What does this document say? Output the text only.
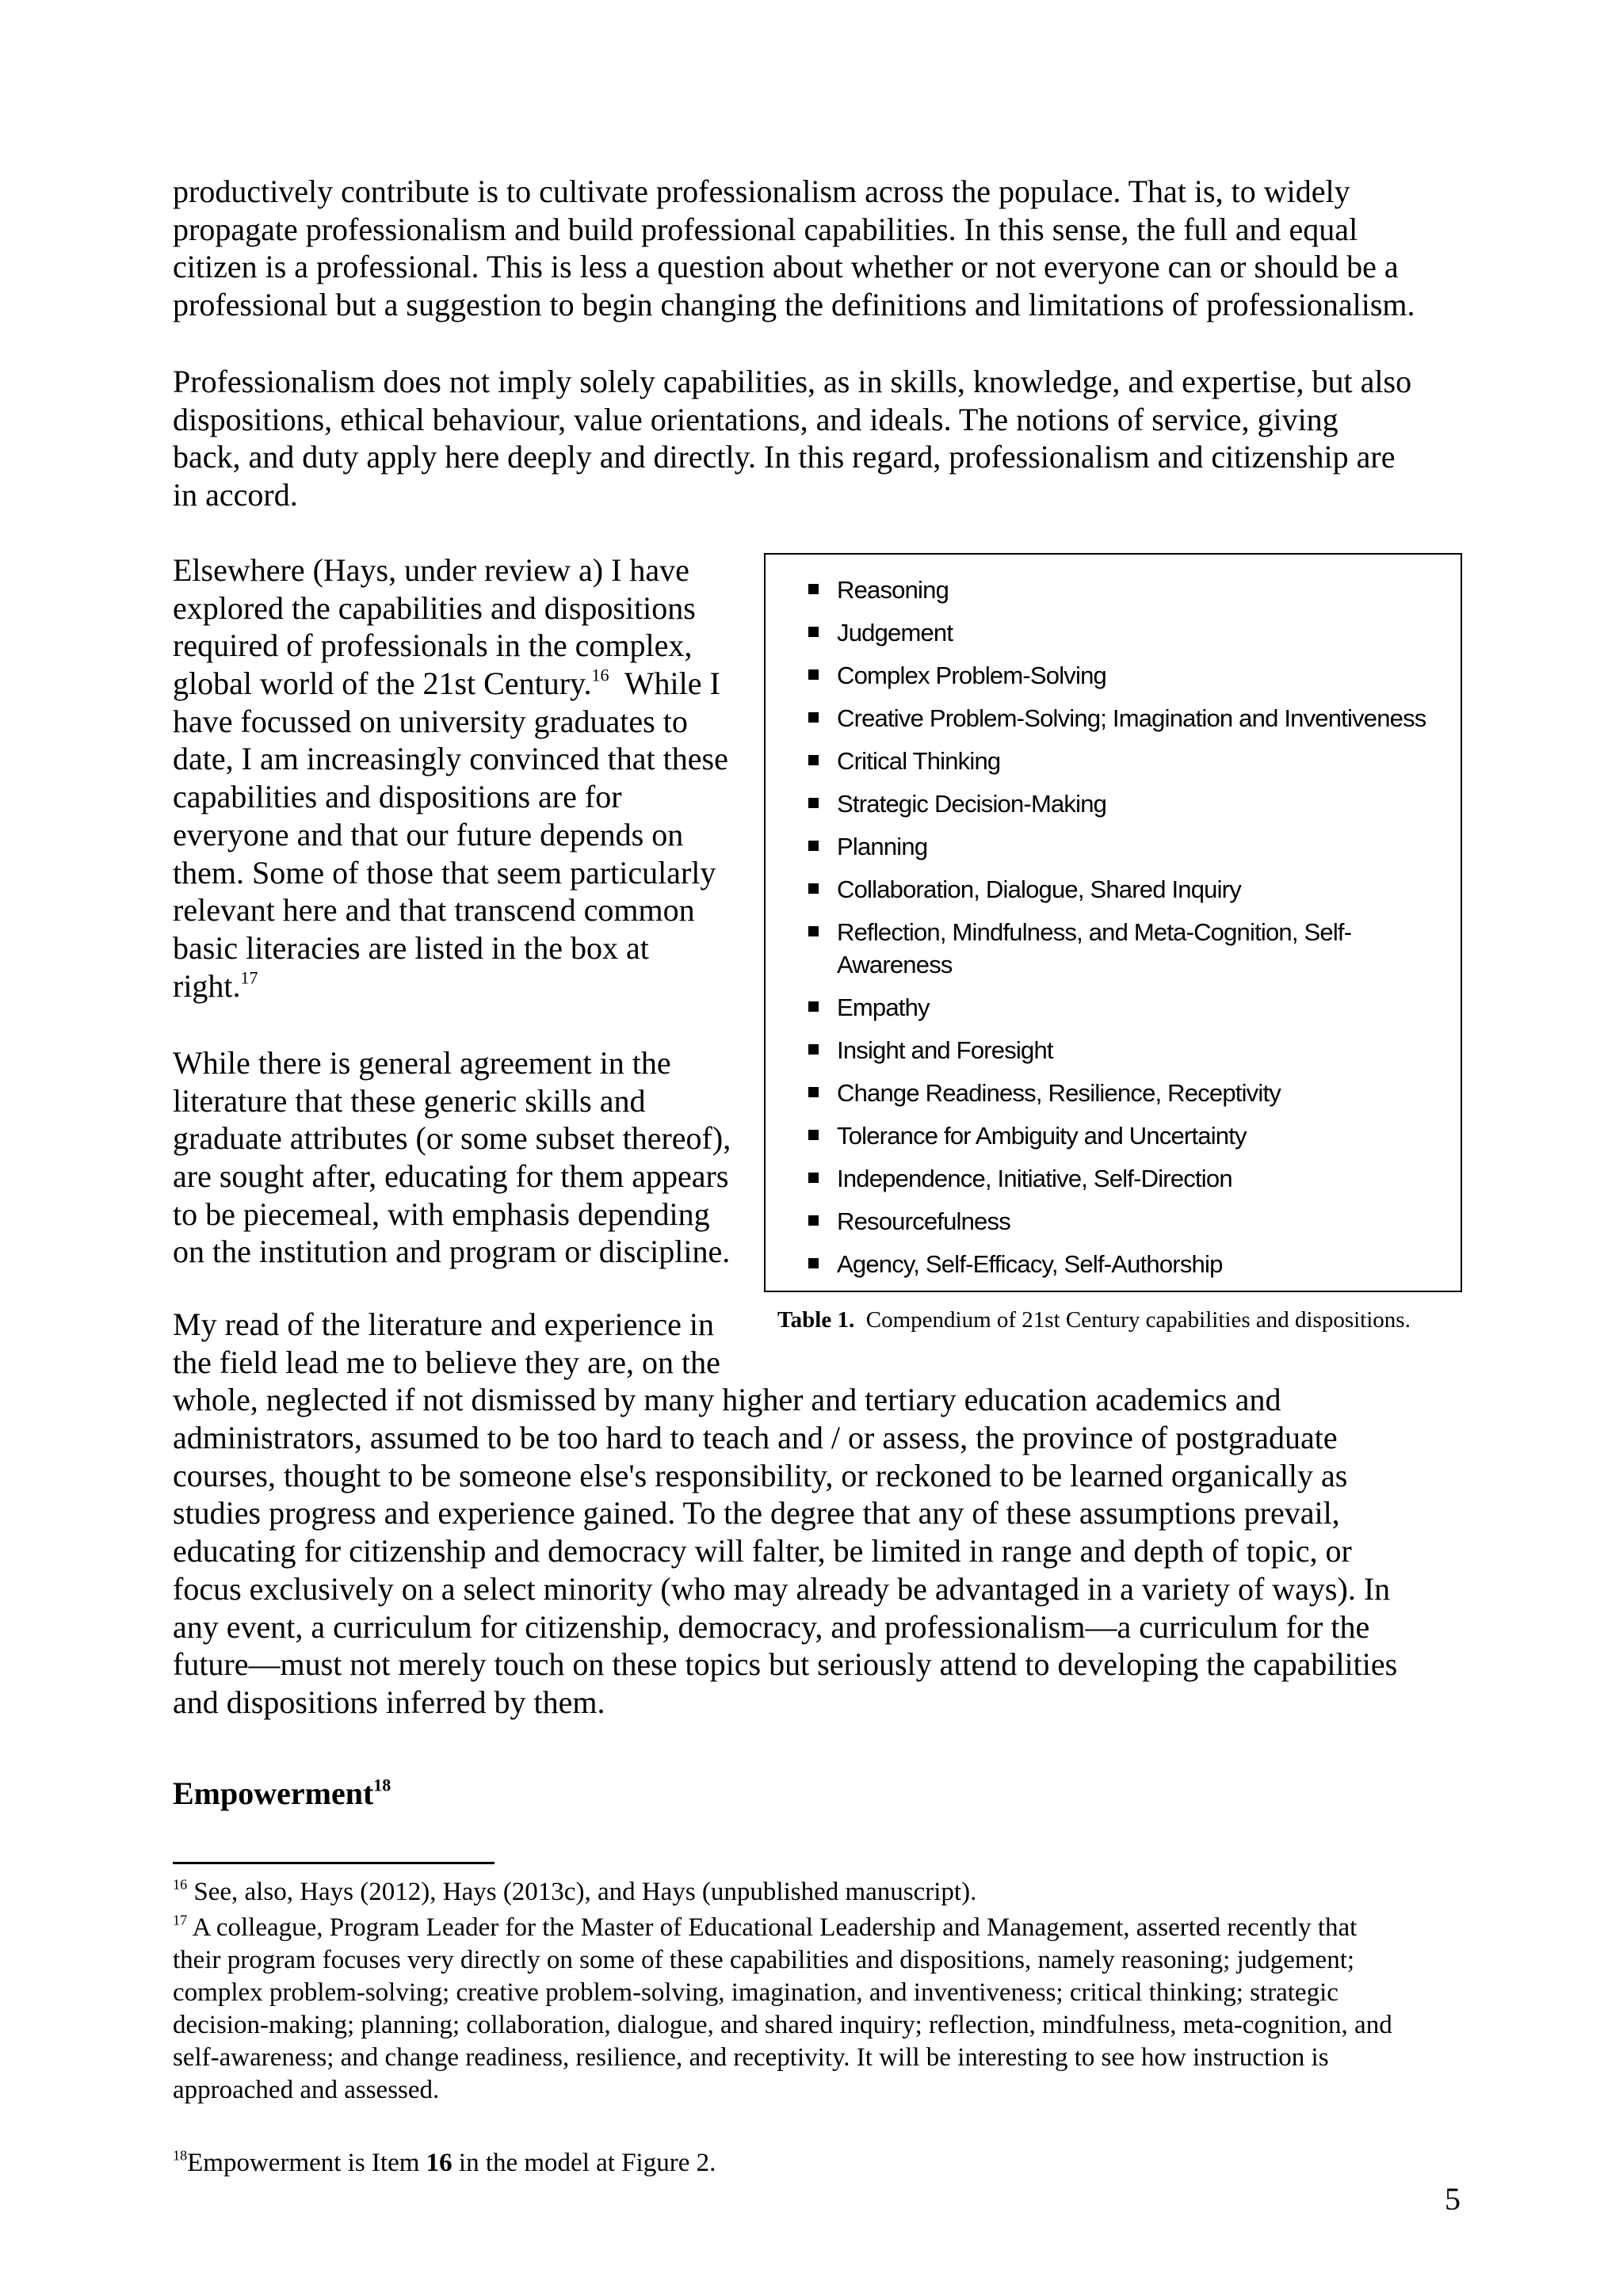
productively contribute is to cultivate professionalism across the populace. That is, to widely
propagate professionalism and build professional capabilities. In this sense, the full and equal
citizen is a professional. This is less a question about whether or not everyone can or should be a
professional but a suggestion to begin changing the definitions and limitations of professionalism.
Professionalism does not imply solely capabilities, as in skills, knowledge, and expertise, but also
dispositions, ethical behaviour, value orientations, and ideals. The notions of service, giving
back, and duty apply here deeply and directly. In this regard, professionalism and citizenship are
in accord.
Elsewhere (Hays, under review a) I have
explored the capabilities and dispositions
required of professionals in the complex,
global world of the 21st Century.$^{16}$  While I
have focussed on university graduates to
date, I am increasingly convinced that these
capabilities and dispositions are for
everyone and that our future depends on
them. Some of those that seem particularly
relevant here and that transcend common
basic literacies are listed in the box at
right.$^{17}$
While there is general agreement in the
literature that these generic skills and
graduate attributes (or some subset thereof),
are sought after, educating for them appears
to be piecemeal, with emphasis depending
on the institution and program or discipline.
My read of the literature and experience in
the field lead me to believe they are, on the
whole, neglected if not dismissed by many higher and tertiary education academics and
administrators, assumed to be too hard to teach and / or assess, the province of postgraduate
courses, thought to be someone else's responsibility, or reckoned to be learned organically as
studies progress and experience gained. To the degree that any of these assumptions prevail,
educating for citizenship and democracy will falter, be limited in range and depth of topic, or
focus exclusively on a select minority (who may already be advantaged in a variety of ways). In
any event, a curriculum for citizenship, democracy, and professionalism—a curriculum for the
future—must not merely touch on these topics but seriously attend to developing the capabilities
and dispositions inferred by them.
Reasoning
Judgement
Complex Problem-Solving
Creative Problem-Solving; Imagination and Inventiveness
Critical Thinking
Strategic Decision-Making
Planning
Collaboration, Dialogue, Shared Inquiry
Reflection, Mindfulness, and Meta-Cognition, Self-
Awareness
Empathy
Insight and Foresight
Change Readiness, Resilience, Receptivity
Tolerance for Ambiguity and Uncertainty
Independence, Initiative, Self-Direction
Resourcefulness
Agency, Self-Efficacy, Self-Authorship
Table 1.  Compendium of 21st Century capabilities and dispositions.
Empowerment$^{18}$
$^{16}$ See, also, Hays (2012), Hays (2013c), and Hays (unpublished manuscript).
$^{17}$ A colleague, Program Leader for the Master of Educational Leadership and Management, asserted recently that
their program focuses very directly on some of these capabilities and dispositions, namely reasoning; judgement;
complex problem-solving; creative problem-solving, imagination, and inventiveness; critical thinking; strategic
decision-making; planning; collaboration, dialogue, and shared inquiry; reflection, mindfulness, meta-cognition, and
self-awareness; and change readiness, resilience, and receptivity. It will be interesting to see how instruction is
approached and assessed.
$^{18}$Empowerment is Item 16 in the model at Figure 2.
5
